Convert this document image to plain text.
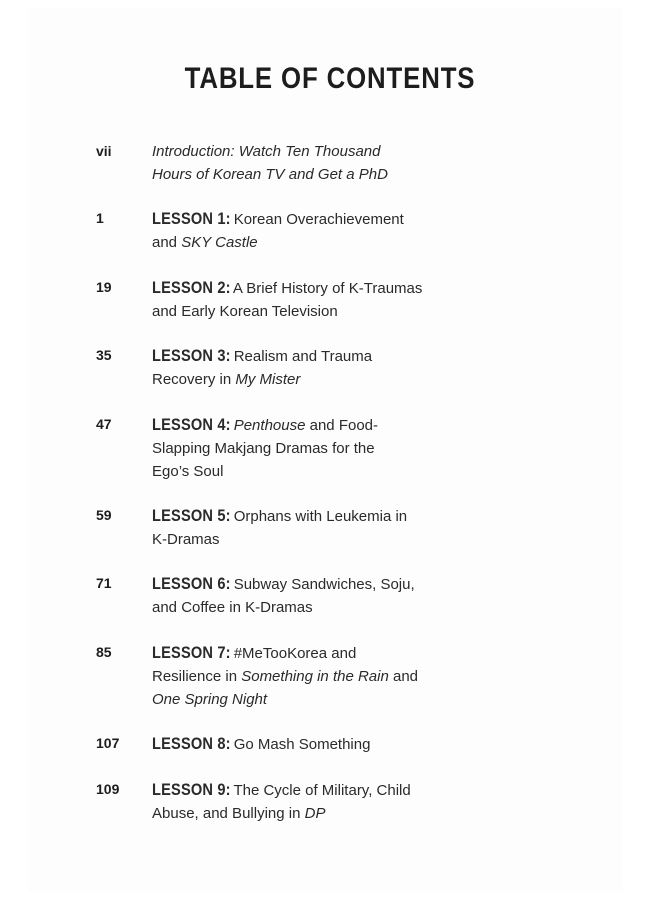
TABLE OF CONTENTS
vii	Introduction: Watch Ten Thousand
Hours of Korean TV and Get a PhD
1	LESSON 1: Korean Overachievement
and SKY Castle
19 LESSON 2: A Brief History of K-Traumas
and Early Korean Television
35 LESSON 3: Realism and Trauma
Recovery in My Mister
47 LESSON 4: Penthouse and Food-
Slapping Makjang Dramas for the
Ego’s Soul
59 LESSON 5: Orphans with Leukemia in
K-Dramas
71 LESSON 6: Subway Sandwiches, Soju,
and Coffee in K-Dramas
85 LESSON 7: #MeTooKorea and
Resilience in Something in the Rain and
One Spring Night
107 LESSON 8: Go Mash Something
109 LESSON 9: The Cycle of Military, Child
Abuse, and Bullying in DP
